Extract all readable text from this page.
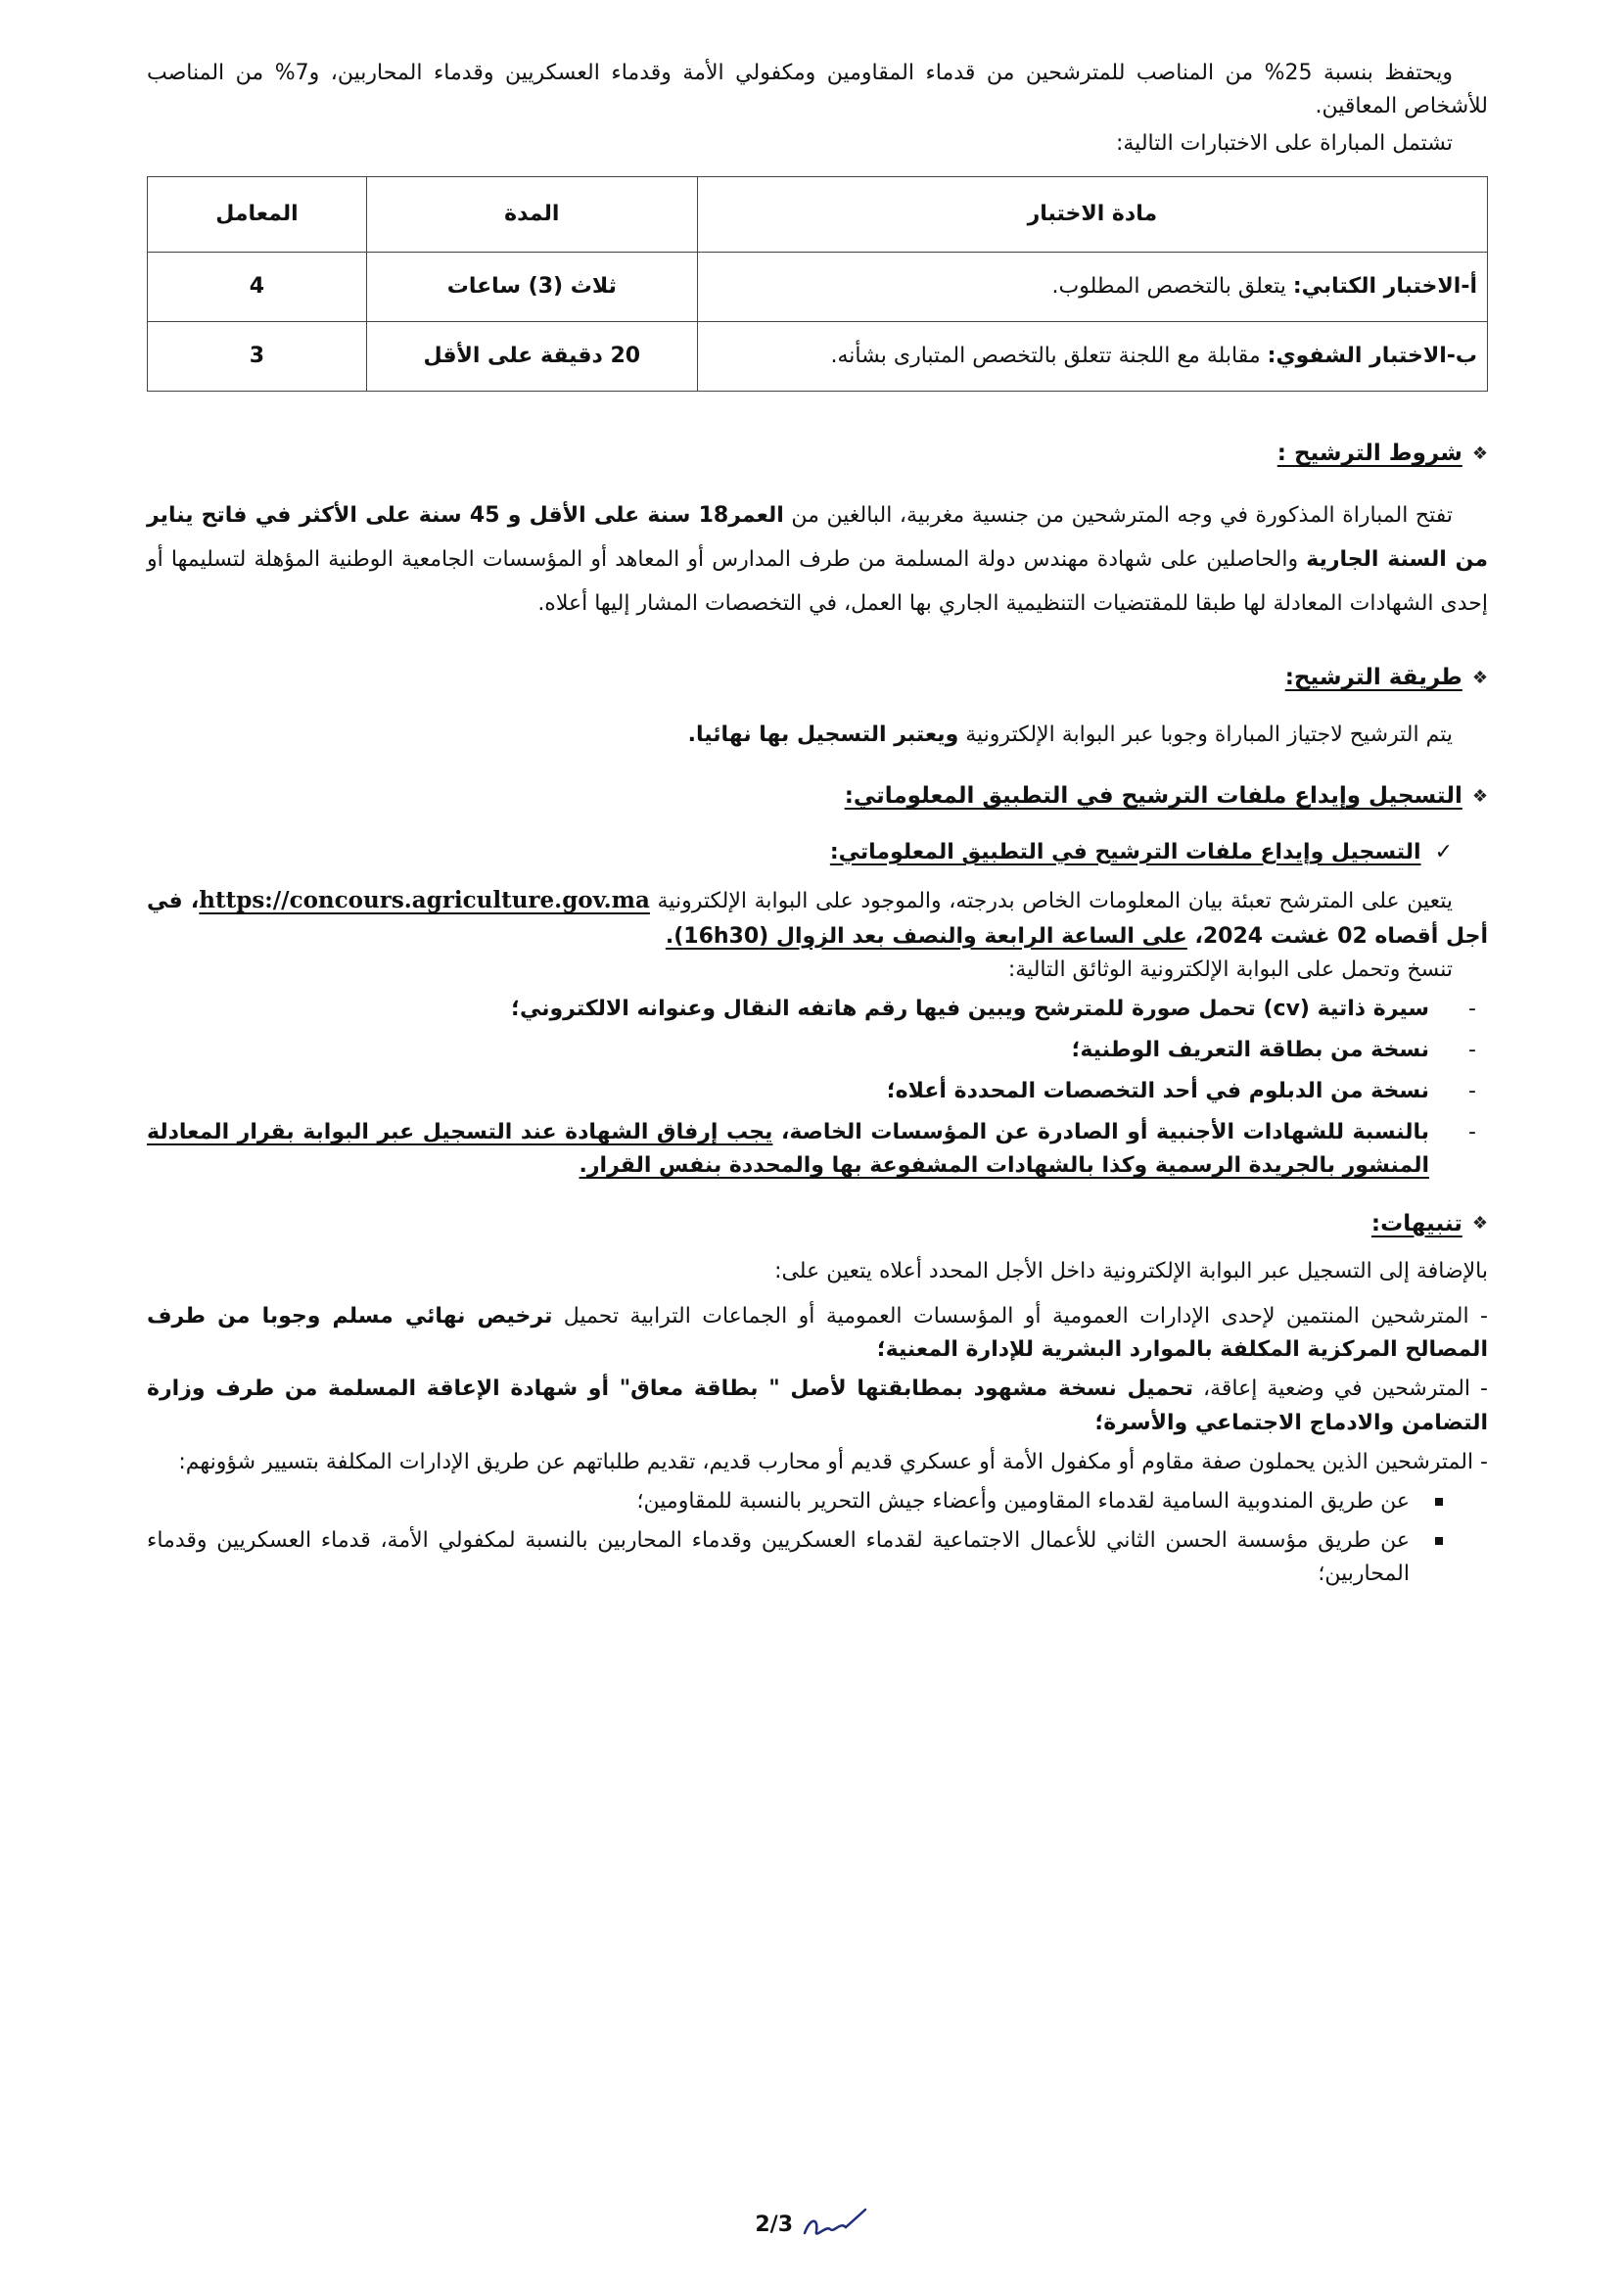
ويحتفظ بنسبة 25% من المناصب للمترشحين من قدماء المقاومين ومكفولي الأمة وقدماء العسكريين وقدماء المحاربين، و7% من المناصب للأشخاص المعاقين.

تشتمل المباراة على الاختبارات التالية:

مادة الاختبار	المدة	المعامل
أ-الاختبار الكتابي: يتعلق بالتخصص المطلوب.	ثلاث (3) ساعات	4
ب-الاختبار الشفوي: مقابلة مع اللجنة تتعلق بالتخصص المتبارى بشأنه.	20 دقيقة على الأقل	3
❖
شروط الترشيح :

تفتح المباراة المذكورة في وجه المترشحين من جنسية مغربية، البالغين من العمر18 سنة على الأقل و 45 سنة على الأكثر في فاتح يناير من السنة الجارية والحاصلين على شهادة مهندس دولة المسلمة من طرف المدارس أو المعاهد أو المؤسسات الجامعية الوطنية المؤهلة لتسليمها أو إحدى الشهادات المعادلة لها طبقا للمقتضيات التنظيمية الجاري بها العمل، في التخصصات المشار إليها أعلاه.

❖
طريقة الترشيح:

يتم الترشيح لاجتياز المباراة وجوبا عبر البوابة الإلكترونية ويعتبر التسجيل بها نهائيا.

❖
التسجيل وإيداع ملفات الترشيح في التطبيق المعلوماتي:
✓
التسجيل وإيداع ملفات الترشيح في التطبيق المعلوماتي:

يتعين على المترشح تعبئة بيان المعلومات الخاص بدرجته، والموجود على البوابة الإلكترونية https://concours.agriculture.gov.ma، في أجل أقصاه 02 غشت 2024، على الساعة الرابعة والنصف بعد الزوال (16h30).

تنسخ وتحمل على البوابة الإلكترونية الوثائق التالية:

- سيرة ذاتية (cv) تحمل صورة للمترشح ويبين فيها رقم هاتفه النقال وعنوانه الالكتروني؛
- نسخة من بطاقة التعريف الوطنية؛
- نسخة من الدبلوم في أحد التخصصات المحددة أعلاه؛
- بالنسبة للشهادات الأجنبية أو الصادرة عن المؤسسات الخاصة، يجب إرفاق الشهادة عند التسجيل عبر البوابة بقرار المعادلة المنشور بالجريدة الرسمية وكذا بالشهادات المشفوعة بها والمحددة بنفس القرار.
❖
تنبيهات:

بالإضافة إلى التسجيل عبر البوابة الإلكترونية داخل الأجل المحدد أعلاه يتعين على:

- المترشحين المنتمين لإحدى الإدارات العمومية أو المؤسسات العمومية أو الجماعات الترابية تحميل ترخيص نهائي مسلم وجوبا من طرف المصالح المركزية المكلفة بالموارد البشرية للإدارة المعنية؛

- المترشحين في وضعية إعاقة، تحميل نسخة مشهود بمطابقتها لأصل " بطاقة معاق" أو شهادة الإعاقة المسلمة من طرف وزارة التضامن والادماج الاجتماعي والأسرة؛

- المترشحين الذين يحملون صفة مقاوم أو مكفول الأمة أو عسكري قديم أو محارب قديم، تقديم طلباتهم عن طريق الإدارات المكلفة بتسيير شؤونهم:

عن طريق المندوبية السامية لقدماء المقاومين وأعضاء جيش التحرير بالنسبة للمقاومين؛
عن طريق مؤسسة الحسن الثاني للأعمال الاجتماعية لقدماء العسكريين وقدماء المحاربين بالنسبة لمكفولي الأمة، قدماء العسكريين وقدماء المحاربين؛
2/3
